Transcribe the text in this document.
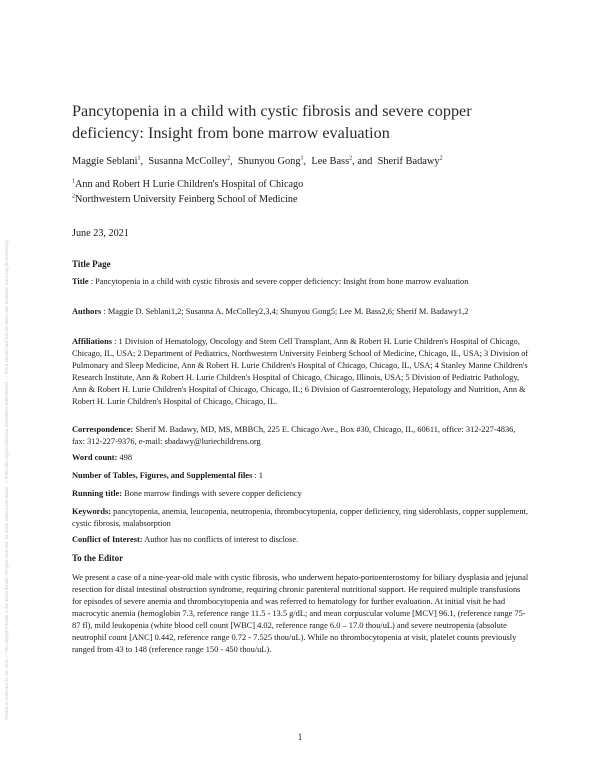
Posted on Authorea 24 Jun 2021 — The copyright holder is the author/funder. All rights reserved. No reuse without permission. — https://doi.org/10.22541/au.162455093.36803563/v1 — This a preprint and has not been peer reviewed. Data may be preliminary.
Pancytopenia in a child with cystic fibrosis and severe copper deficiency: Insight from bone marrow evaluation
Maggie Seblani$^1$,  Susanna McColley$^2$,  Shunyou Gong$^1$,  Lee Bass$^2$, and  Sherif Badawy$^2$
$^1$Ann and Robert H Lurie Children's Hospital of Chicago
$^2$Northwestern University Feinberg School of Medicine
June 23, 2021

Title Page

Title : Pancytopenia in a child with cystic fibrosis and severe copper deficiency: Insight from bone marrow evaluation

Authors : Maggie D. Seblani1,2; Susanna A. McColley2,3,4; Shunyou Gong5; Lee M. Bass2,6; Sherif M. Badawy1,2

Affiliations : 1 Division of Hematology, Oncology and Stem Cell Transplant, Ann & Robert H. Lurie Children's Hospital of Chicago, Chicago, IL, USA; 2 Department of Pediatrics, Northwestern University Feinberg School of Medicine, Chicago, IL, USA; 3 Division of Pulmonary and Sleep Medicine, Ann & Robert H. Lurie Children's Hospital of Chicago, Chicago, IL, USA; 4 Stanley Manne Children's Research Institute, Ann & Robert H. Lurie Children's Hospital of Chicago, Chicago, Illinois, USA; 5 Division of Pediatric Pathology, Ann & Robert H. Lurie Children's Hospital of Chicago, Chicago, IL; 6 Division of Gastroenterology, Hepatology and Nutrition, Ann & Robert H. Lurie Children's Hospital of Chicago, Chicago, IL.

Correspondence: Sherif M. Badawy, MD, MS, MBBCh, 225 E. Chicago Ave., Box #30, Chicago, IL, 60611, office: 312-227-4836, fax: 312-227-9376, e-mail: sbadawy@luriechildrens.org

Word count: 498

Number of Tables, Figures, and Supplemental files : 1

Running title: Bone marrow findings with severe copper deficiency

Keywords: pancytopenia, anemia, leucopenia, neutropenia, thrombocytopenia, copper deficiency, ring sideroblasts, copper supplement, cystic fibrosis, malabsorption

Conflict of Interest: Author has no conflicts of interest to disclose.

To the Editor

We present a case of a nine-year-old male with cystic fibrosis, who underwent hepato-portoenterostomy for biliary dysplasia and jejunal resection for distal intestinal obstruction syndrome, requiring chronic parenteral nutritional support. He required multiple transfusions for episodes of severe anemia and thrombocytopenia and was referred to hematology for further evaluation. At initial visit he had macrocytic anemia (hemoglobin 7.3, reference range 11.5 - 13.5 g/dL; and mean corpuscular volume [MCV] 96.1, (reference range 75-87 fl), mild leukopenia (white blood cell count [WBC] 4.02, reference range 6.0 – 17.0 thou/uL) and severe neutropenia (absolute neutrophil count [ANC] 0.442, reference range 0.72 - 7.525 thou/uL). While no thrombocytopenia at visit, platelet counts previously ranged from 43 to 148 (reference range 150 - 450 thou/uL).

1
